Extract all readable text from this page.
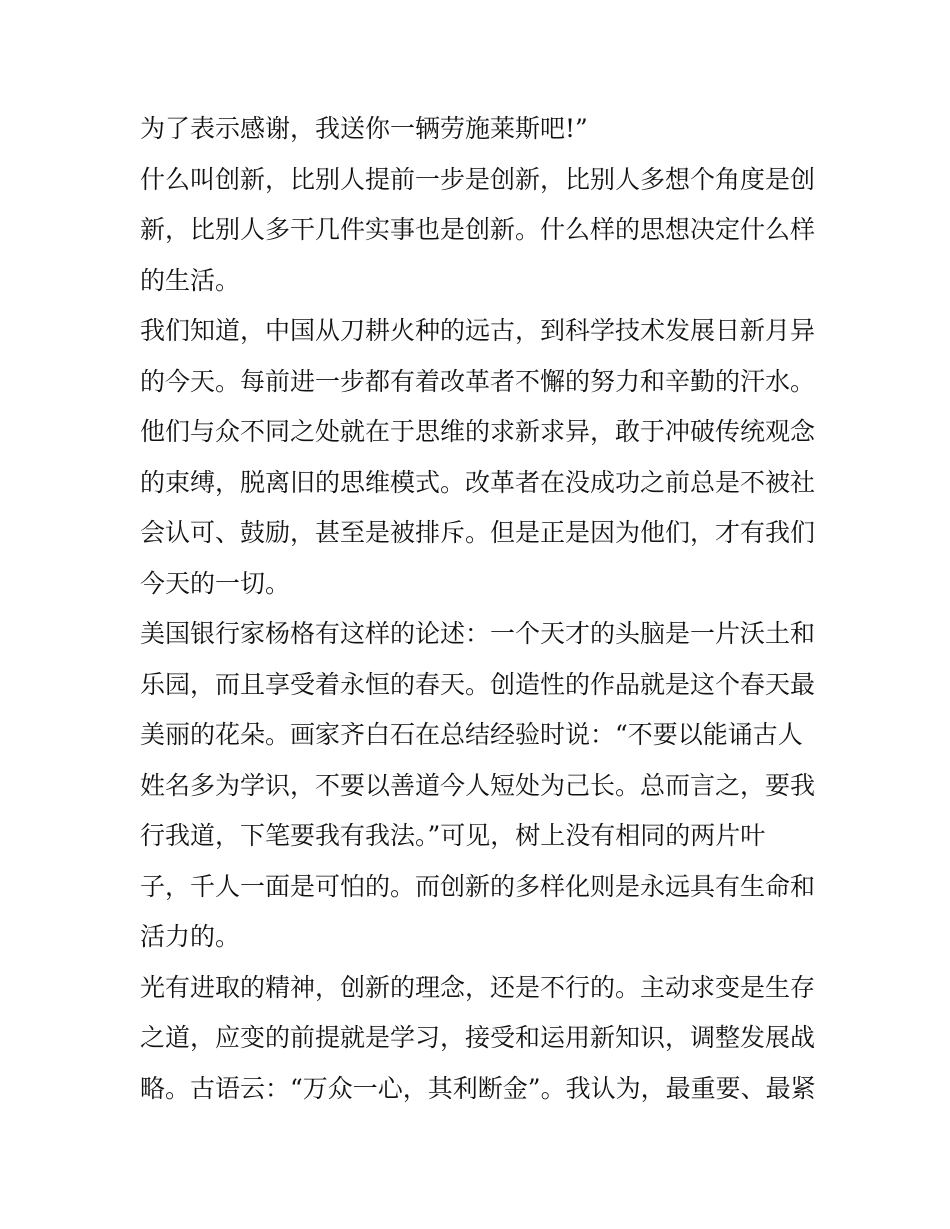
为了表示感谢，我送你一辆劳施莱斯吧!”
什么叫创新，比别人提前一步是创新，比别人多想个角度是创
新，比别人多干几件实事也是创新。什么样的思想决定什么样
的生活。
我们知道，中国从刀耕火种的远古，到科学技术发展日新月异
的今天。每前进一步都有着改革者不懈的努力和辛勤的汗水。
他们与众不同之处就在于思维的求新求异，敢于冲破传统观念
的束缚，脱离旧的思维模式。改革者在没成功之前总是不被社
会认可、鼓励，甚至是被排斥。但是正是因为他们，才有我们
今天的一切。
美国银行家杨格有这样的论述：一个天才的头脑是一片沃土和
乐园，而且享受着永恒的春天。创造性的作品就是这个春天最
美丽的花朵。画家齐白石在总结经验时说：“不要以能诵古人
姓名多为学识，不要以善道今人短处为己长。总而言之，要我
行我道，下笔要我有我法。”可见，树上没有相同的两片叶
子，千人一面是可怕的。而创新的多样化则是永远具有生命和
活力的。
光有进取的精神，创新的理念，还是不行的。主动求变是生存
之道，应变的前提就是学习，接受和运用新知识，调整发展战
略。古语云：“万众一心，其利断金”。我认为，最重要、最紧
